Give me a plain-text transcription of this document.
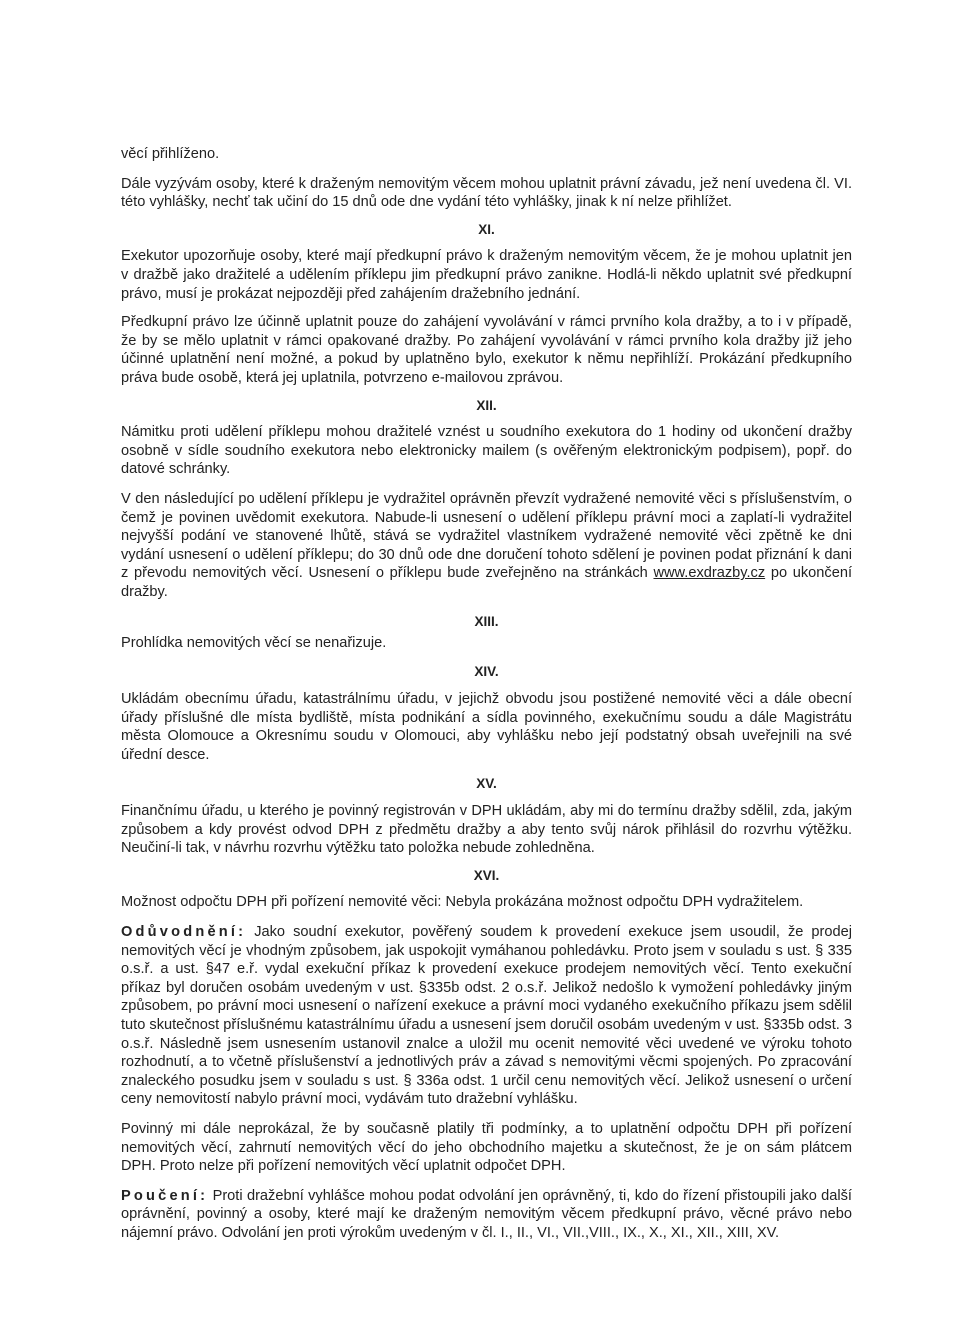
věcí přihlíženo.

Dále vyzývám osoby, které k draženým nemovitým věcem mohou uplatnit právní závadu, jež není uvedena čl. VI. této vyhlášky, nechť tak učiní do 15 dnů ode dne vydání této vyhlášky, jinak k ní nelze přihlížet.

XI.

Exekutor upozorňuje osoby, které mají předkupní právo k draženým nemovitým věcem, že je mohou uplatnit jen v dražbě jako dražitelé a udělením příklepu jim předkupní právo zanikne. Hodlá-li někdo uplatnit své předkupní právo, musí je prokázat nejpozději před zahájením dražebního jednání.

Předkupní právo lze účinně uplatnit pouze do zahájení vyvolávání v rámci prvního kola dražby, a to i v případě, že by se mělo uplatnit v rámci opakované dražby. Po zahájení vyvolávání v rámci prvního kola dražby již jeho účinné uplatnění není možné, a pokud by uplatněno bylo, exekutor k němu nepřihlíží. Prokázání předkupního práva bude osobě, která jej uplatnila, potvrzeno e-mailovou zprávou.

XII.

Námitku proti udělení příklepu mohou dražitelé vznést u soudního exekutora do 1 hodiny od ukončení dražby osobně v sídle soudního exekutora nebo elektronicky mailem (s ověřeným elektronickým podpisem), popř. do datové schránky.

V den následující po udělení příklepu je vydražitel oprávněn převzít vydražené nemovité věci s příslušenstvím, o čemž je povinen uvědomit exekutora. Nabude-li usnesení o udělení příklepu právní moci a zaplatí-li vydražitel nejvyšší podání ve stanovené lhůtě, stává se vydražitel vlastníkem vydražené nemovité věci zpětně ke dni vydání usnesení o udělení příklepu; do 30 dnů ode dne doručení tohoto sdělení je povinen podat přiznání k dani z převodu nemovitých věcí. Usnesení o příklepu bude zveřejněno na stránkách www.exdrazby.cz po ukončení dražby.

XIII.
Prohlídka nemovitých věcí se nenařizuje.
XIV.

Ukládám obecnímu úřadu, katastrálnímu úřadu, v jejichž obvodu jsou postižené nemovité věci a dále obecní úřady příslušné dle místa bydliště, místa podnikání a sídla povinného, exekučnímu soudu a dále Magistrátu města Olomouce a Okresnímu soudu v Olomouci, aby vyhlášku nebo její podstatný obsah uveřejnili na své úřední desce.

XV.

Finančnímu úřadu, u kterého je povinný registrován v DPH ukládám, aby mi do termínu dražby sdělil, zda, jakým způsobem a kdy provést odvod DPH z předmětu dražby a aby tento svůj nárok přihlásil do rozvrhu výtěžku. Neučiní-li tak, v návrhu rozvrhu výtěžku tato položka nebude zohledněna.

XVI.

Možnost odpočtu DPH při pořízení nemovité věci: Nebyla prokázána možnost odpočtu DPH vydražitelem.

Odůvodnění: Jako soudní exekutor, pověřený soudem k provedení exekuce jsem usoudil, že prodej nemovitých věcí je vhodným způsobem, jak uspokojit vymáhanou pohledávku. Proto jsem v souladu s ust. § 335 o.s.ř. a ust. §47 e.ř. vydal exekuční příkaz k provedení exekuce prodejem nemovitých věcí. Tento exekuční příkaz byl doručen osobám uvedeným v ust. §335b odst. 2 o.s.ř. Jelikož nedošlo k vymožení pohledávky jiným způsobem, po právní moci usnesení o nařízení exekuce a právní moci vydaného exekučního příkazu jsem sdělil tuto skutečnost příslušnému katastrálnímu úřadu a usnesení jsem doručil osobám uvedeným v ust. §335b odst. 3 o.s.ř. Následně jsem usnesením ustanovil znalce a uložil mu ocenit nemovité věci uvedené ve výroku tohoto rozhodnutí, a to včetně příslušenství a jednotlivých práv a závad s nemovitými věcmi spojených. Po zpracování znaleckého posudku jsem v souladu s ust. § 336a odst. 1 určil cenu nemovitých věcí. Jelikož usnesení o určení ceny nemovitostí nabylo právní moci, vydávám tuto dražební vyhlášku.

Povinný mi dále neprokázal, že by současně platily tři podmínky, a to uplatnění odpočtu DPH při pořízení nemovitých věcí, zahrnutí nemovitých věcí do jeho obchodního majetku a skutečnost, že je on sám plátcem DPH. Proto nelze při pořízení nemovitých věcí uplatnit odpočet DPH.

Poučení: Proti dražební vyhlášce mohou podat odvolání jen oprávněný, ti, kdo do řízení přistoupili jako další oprávnění, povinný a osoby, které mají ke draženým nemovitým věcem předkupní právo, věcné právo nebo nájemní právo. Odvolání jen proti výrokům uvedeným v čl. I., II., VI., VII.,VIII., IX., X., XI., XII., XIII, XV.
